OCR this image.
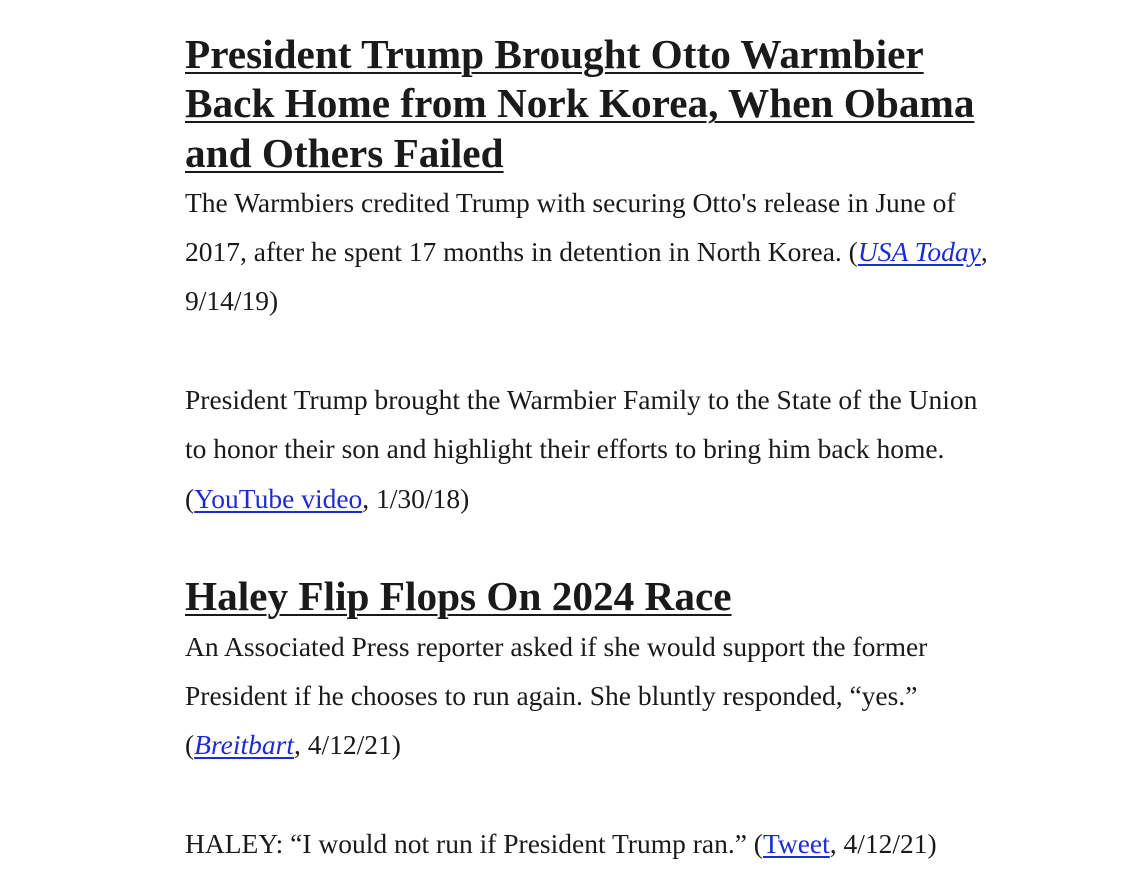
President Trump Brought Otto Warmbier Back Home from Nork Korea, When Obama and Others Failed

The Warmbiers credited Trump with securing Otto's release in June of 2017, after he spent 17 months in detention in North Korea. (USA Today, 9/14/19)

President Trump brought the Warmbier Family to the State of the Union to honor their son and highlight their efforts to bring him back home. (YouTube video, 1/30/18)

Haley Flip Flops On 2024 Race

An Associated Press reporter asked if she would support the former President if he chooses to run again. She bluntly responded, “yes.” (Breitbart, 4/12/21)

HALEY: “I would not run if President Trump ran.” (Tweet, 4/12/21)
